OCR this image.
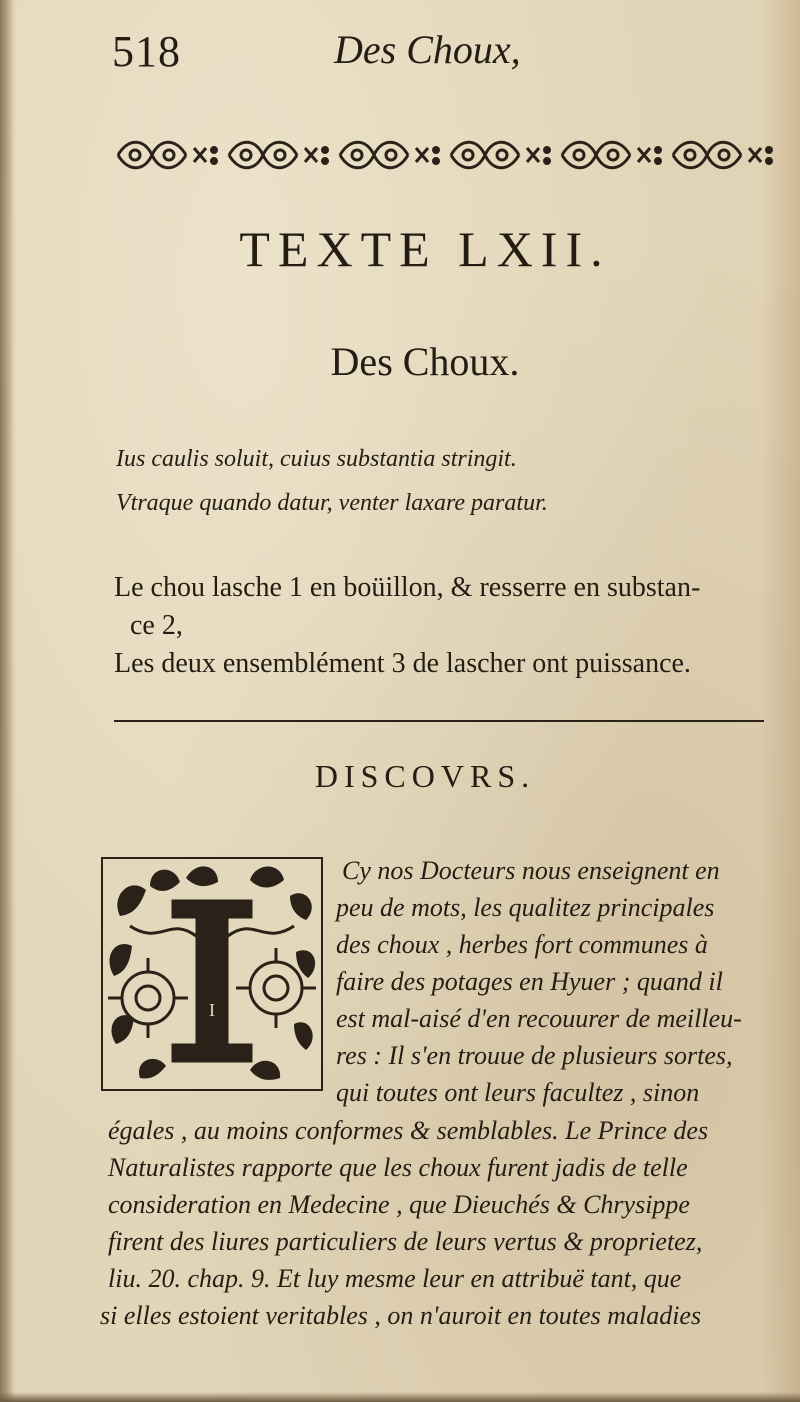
518	Des Choux,
TEXTE LXII.
Des Choux.
Ius caulis soluit, cuius substantia stringit.
Vtraque quando datur, venter laxare paratur.
Le chou lasche 1 en boüillon, & resserre en substan-
ce 2,
Les deux ensemblément 3 de lascher ont puissance.
DISCOVRS.
I
Cy nos Docteurs nous enseignent en
peu de mots, les qualitez principales
des choux , herbes fort communes à
faire des potages en Hyuer ; quand il
est mal-aisé d'en recouurer de meilleu-
res : Il s'en trouue de plusieurs sortes,
qui toutes ont leurs facultez , sinon
égales , au moins conformes & semblables. Le Prince des
Naturalistes rapporte que les choux furent jadis de telle
consideration en Medecine , que Dieuchés & Chrysippe
firent des liures particuliers de leurs vertus & proprietez,
liu. 20. chap. 9. Et luy mesme leur en attribuë tant, que
si elles estoient veritables , on n'auroit en toutes maladies
